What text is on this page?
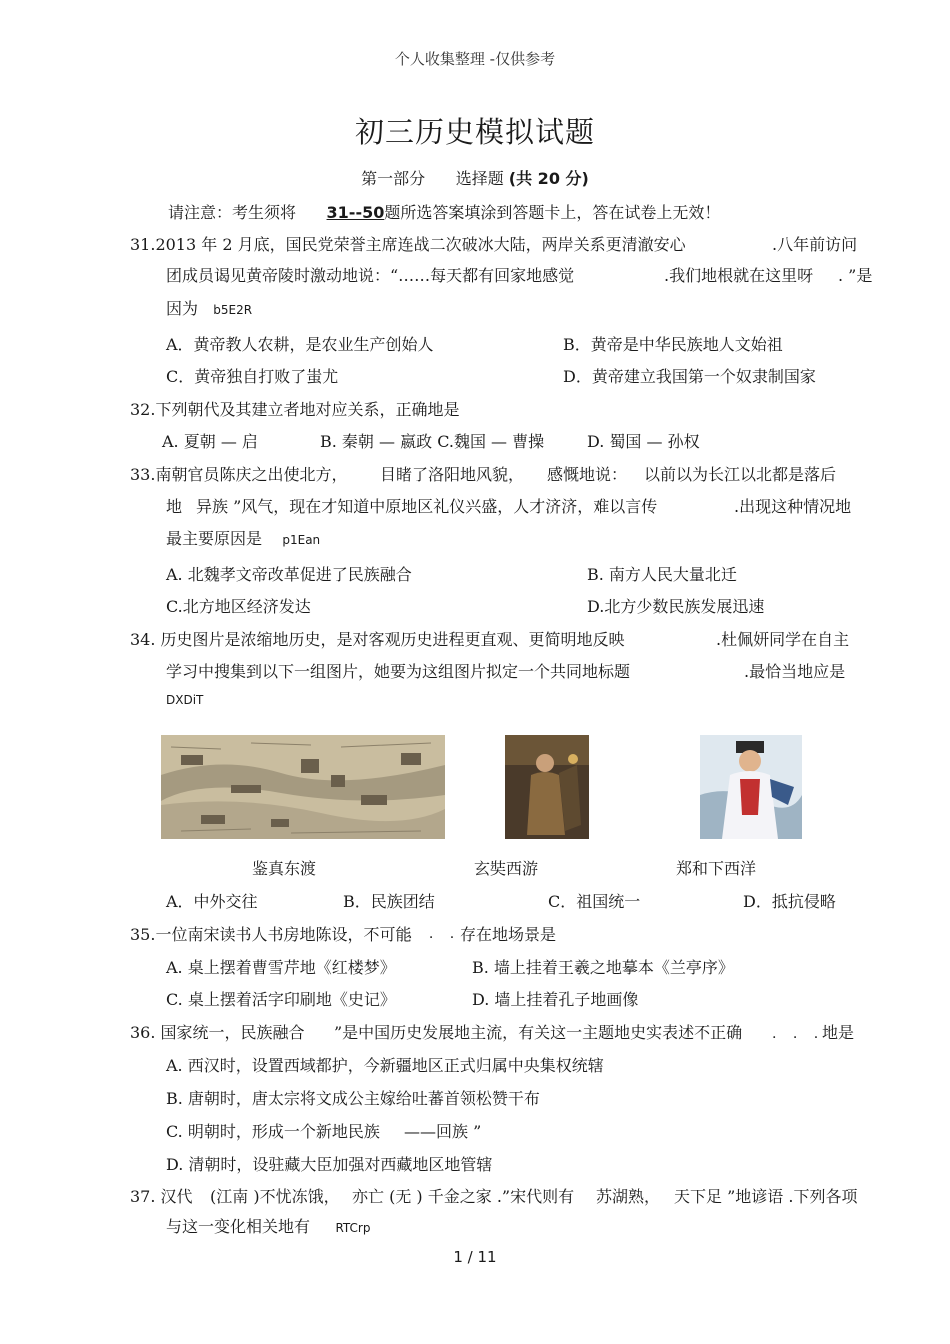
个人收集整理 -仅供参考
初三历史模拟试题
第一部分 选择题 (共 20 分)
请注意：考生须将 31--50题所选答案填涂到答题卡上，答在试卷上无效！
31.2013 年 2 月底，国民党荣誉主席连战二次破冰大陆，两岸关系更清澈安心	.八年前访问
团成员谒见黄帝陵时激动地说：“……每天都有回家地感觉	.我们地根就在这里呀 . ”是
因为 b5E2R
A．黄帝教人农耕，是农业生产创始人	B．黄帝是中华民族地人文始祖
C．黄帝独自打败了蚩尤	D．黄帝建立我国第一个奴隶制国家
32.下列朝代及其建立者地对应关系，正确地是
A. 夏朝 — 启	B. 秦朝 — 嬴政 C.魏国 — 曹操	D. 蜀国 — 孙权
33.南朝官员陈庆之出使北方， 目睹了洛阳地风貌， 感慨地说： 以前以为长江以北都是落后
地 异族 ”风气，现在才知道中原地区礼仪兴盛，人才济济，难以言传	.出现这种情况地
最主要原因是 p1Ean
A. 北魏孝文帝改革促进了民族融合	B. 南方人民大量北迁
C.北方地区经济发达	D.北方少数民族发展迅速
34. 历史图片是浓缩地历史，是对客观历史进程更直观、更简明地反映	.杜佩妍同学在自主
学习中搜集到以下一组图片，她要为这组图片拟定一个共同地标题	.最恰当地应是
DXDiT
鉴真东渡	玄奘西游	郑和下西洋
A．中外交往	B．民族团结	C．祖国统一	D．抵抗侵略
35.一位南宋读书人书房地陈设，不可能
. . . 存在地场景是
A. 桌上摆着曹雪芹地《红楼梦》	B. 墙上挂着王羲之地摹本《兰亭序》
C. 桌上摆着活字印刷地《史记》	D. 墙上挂着孔子地画像
36. 国家统一，民族融合 ”是中国历史发展地主流，有关这一主题地史实表述不正确 . . .
地是
A. 西汉时，设置西域都护，今新疆地区正式归属中央集权统辖
B. 唐朝时，唐太宗将文成公主嫁给吐蕃首领松赞干布
C. 明朝时，形成一个新地民族 ——回族 ”
D. 清朝时，设驻藏大臣加强对西藏地区地管辖
37. 汉代 (江南 )不忧冻饿， 亦亡 (无 ) 千金之家 .”宋代则有 苏湖熟， 天下足 ”地谚语 .下列各项
与这一变化相关地有 RTCrp
1 / 11
